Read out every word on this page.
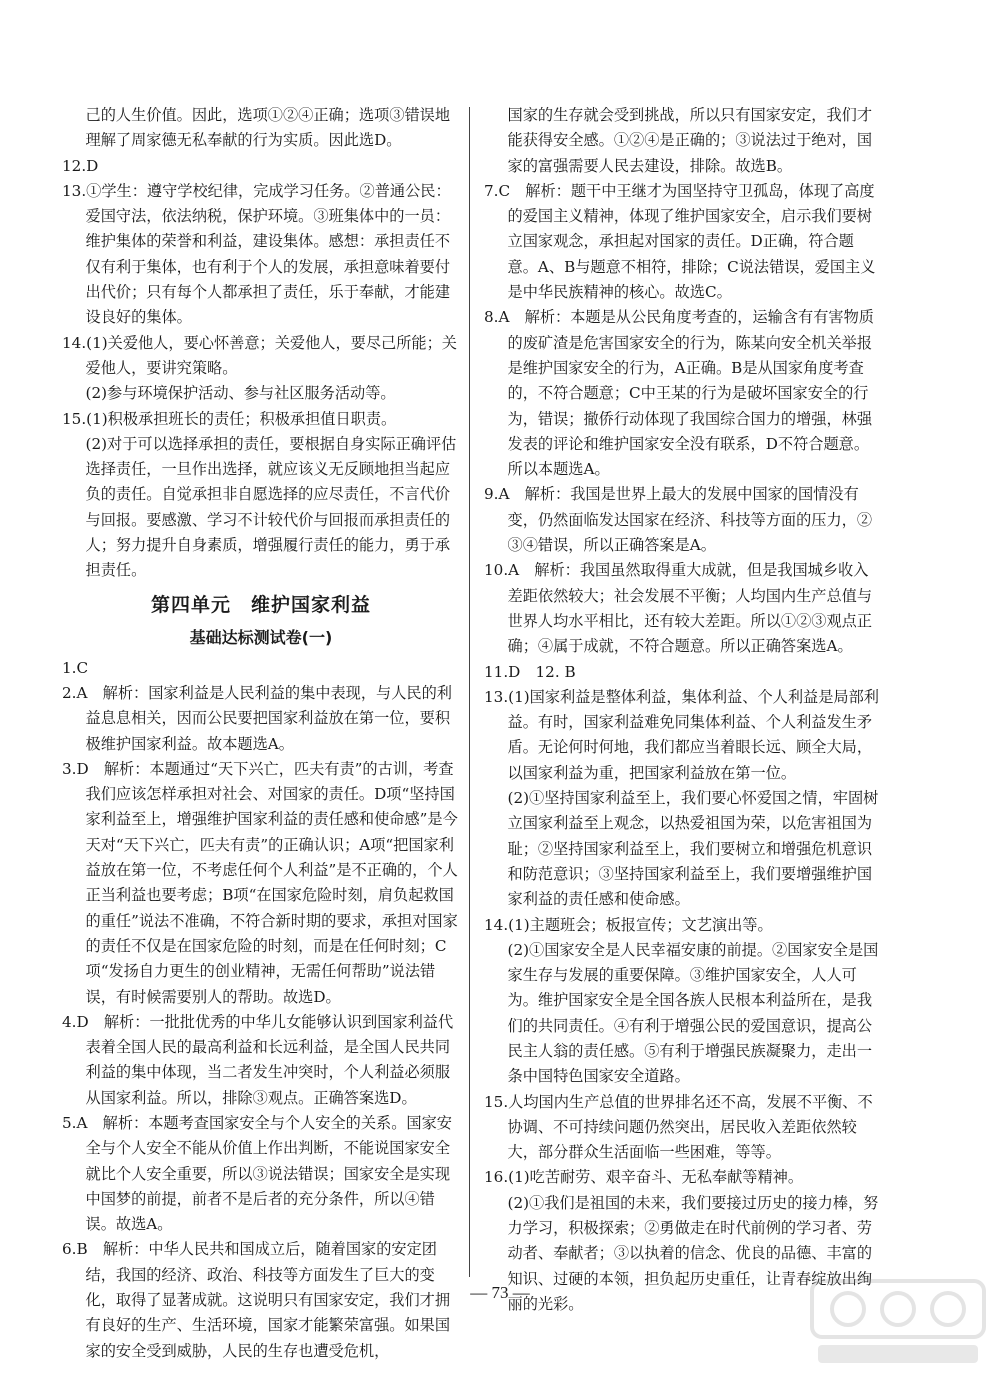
己的人生价值。因此，选项①②④正确；选项③错误地理解了周家德无私奉献的行为实质。因此选D。

12.D

13.①学生：遵守学校纪律，完成学习任务。②普通公民：爱国守法，依法纳税，保护环境。③班集体中的一员：维护集体的荣誉和利益，建设集体。感想：承担责任不仅有利于集体，也有利于个人的发展，承担意味着要付出代价；只有每个人都承担了责任，乐于奉献，才能建设良好的集体。

14.(1)关爱他人，要心怀善意；关爱他人，要尽己所能；关爱他人，要讲究策略。

(2)参与环境保护活动、参与社区服务活动等。

15.(1)积极承担班长的责任；积极承担值日职责。

(2)对于可以选择承担的责任，要根据自身实际正确评估选择责任，一旦作出选择，就应该义无反顾地担当起应负的责任。自觉承担非自愿选择的应尽责任，不言代价与回报。要感激、学习不计较代价与回报而承担责任的人；努力提升自身素质，增强履行责任的能力，勇于承担责任。

第四单元　维护国家利益
基础达标测试卷(一)

1.C

2.A　解析：国家利益是人民利益的集中表现，与人民的利益息息相关，因而公民要把国家利益放在第一位，要积极维护国家利益。故本题选A。

3.D　解析：本题通过“天下兴亡，匹夫有责”的古训，考查我们应该怎样承担对社会、对国家的责任。D项“坚持国家利益至上，增强维护国家利益的责任感和使命感”是今天对“天下兴亡，匹夫有责”的正确认识；A项“把国家利益放在第一位，不考虑任何个人利益”是不正确的，个人正当利益也要考虑；B项“在国家危险时刻，肩负起救国的重任”说法不准确，不符合新时期的要求，承担对国家的责任不仅是在国家危险的时刻，而是在任何时刻；C项“发扬自力更生的创业精神，无需任何帮助”说法错误，有时候需要别人的帮助。故选D。

4.D　解析：一批批优秀的中华儿女能够认识到国家利益代表着全国人民的最高利益和长远利益，是全国人民共同利益的集中体现，当二者发生冲突时，个人利益必须服从国家利益。所以，排除③观点。正确答案选D。

5.A　解析：本题考查国家安全与个人安全的关系。国家安全与个人安全不能从价值上作出判断，不能说国家安全就比个人安全重要，所以③说法错误；国家安全是实现中国梦的前提，前者不是后者的充分条件，所以④错误。故选A。

6.B　解析：中华人民共和国成立后，随着国家的安定团结，我国的经济、政治、科技等方面发生了巨大的变化，取得了显著成就。这说明只有国家安定，我们才拥有良好的生产、生活环境，国家才能繁荣富强。如果国家的安全受到威胁，人民的生存也遭受危机，

国家的生存就会受到挑战，所以只有国家安定，我们才能获得安全感。①②④是正确的；③说法过于绝对，国家的富强需要人民去建设，排除。故选B。

7.C　解析：题干中王继才为国坚持守卫孤岛，体现了高度的爱国主义精神，体现了维护国家安全，启示我们要树立国家观念，承担起对国家的责任。D正确，符合题意。A、B与题意不相符，排除；C说法错误，爱国主义是中华民族精神的核心。故选C。

8.A　解析：本题是从公民角度考查的，运输含有有害物质的废矿渣是危害国家安全的行为，陈某向安全机关举报是维护国家安全的行为，A正确。B是从国家角度考查的，不符合题意；C中王某的行为是破坏国家安全的行为，错误；撤侨行动体现了我国综合国力的增强，林强发表的评论和维护国家安全没有联系，D不符合题意。所以本题选A。

9.A　解析：我国是世界上最大的发展中国家的国情没有变，仍然面临发达国家在经济、科技等方面的压力，②③④错误，所以正确答案是A。

10.A　解析：我国虽然取得重大成就，但是我国城乡收入差距依然较大；社会发展不平衡；人均国内生产总值与世界人均水平相比，还有较大差距。所以①②③观点正确；④属于成就，不符合题意。所以正确答案选A。

11.D　12. B

13.(1)国家利益是整体利益，集体利益、个人利益是局部利益。有时，国家利益难免同集体利益、个人利益发生矛盾。无论何时何地，我们都应当着眼长远、顾全大局，以国家利益为重，把国家利益放在第一位。

(2)①坚持国家利益至上，我们要心怀爱国之情，牢固树立国家利益至上观念，以热爱祖国为荣，以危害祖国为耻；②坚持国家利益至上，我们要树立和增强危机意识和防范意识；③坚持国家利益至上，我们要增强维护国家利益的责任感和使命感。

14.(1)主题班会；板报宣传；文艺演出等。

(2)①国家安全是人民幸福安康的前提。②国家安全是国家生存与发展的重要保障。③维护国家安全，人人可为。维护国家安全是全国各族人民根本利益所在，是我们的共同责任。④有利于增强公民的爱国意识，提高公民主人翁的责任感。⑤有利于增强民族凝聚力，走出一条中国特色国家安全道路。

15.人均国内生产总值的世界排名还不高，发展不平衡、不协调、不可持续问题仍然突出，居民收入差距依然较大，部分群众生活面临一些困难，等等。

16.(1)吃苦耐劳、艰辛奋斗、无私奉献等精神。

(2)①我们是祖国的未来，我们要接过历史的接力棒，努力学习，积极探索；②勇做走在时代前例的学习者、劳动者、奉献者；③以执着的信念、优良的品德、丰富的知识、过硬的本领，担负起历史重任，让青春绽放出绚丽的光彩。

— 73 —
